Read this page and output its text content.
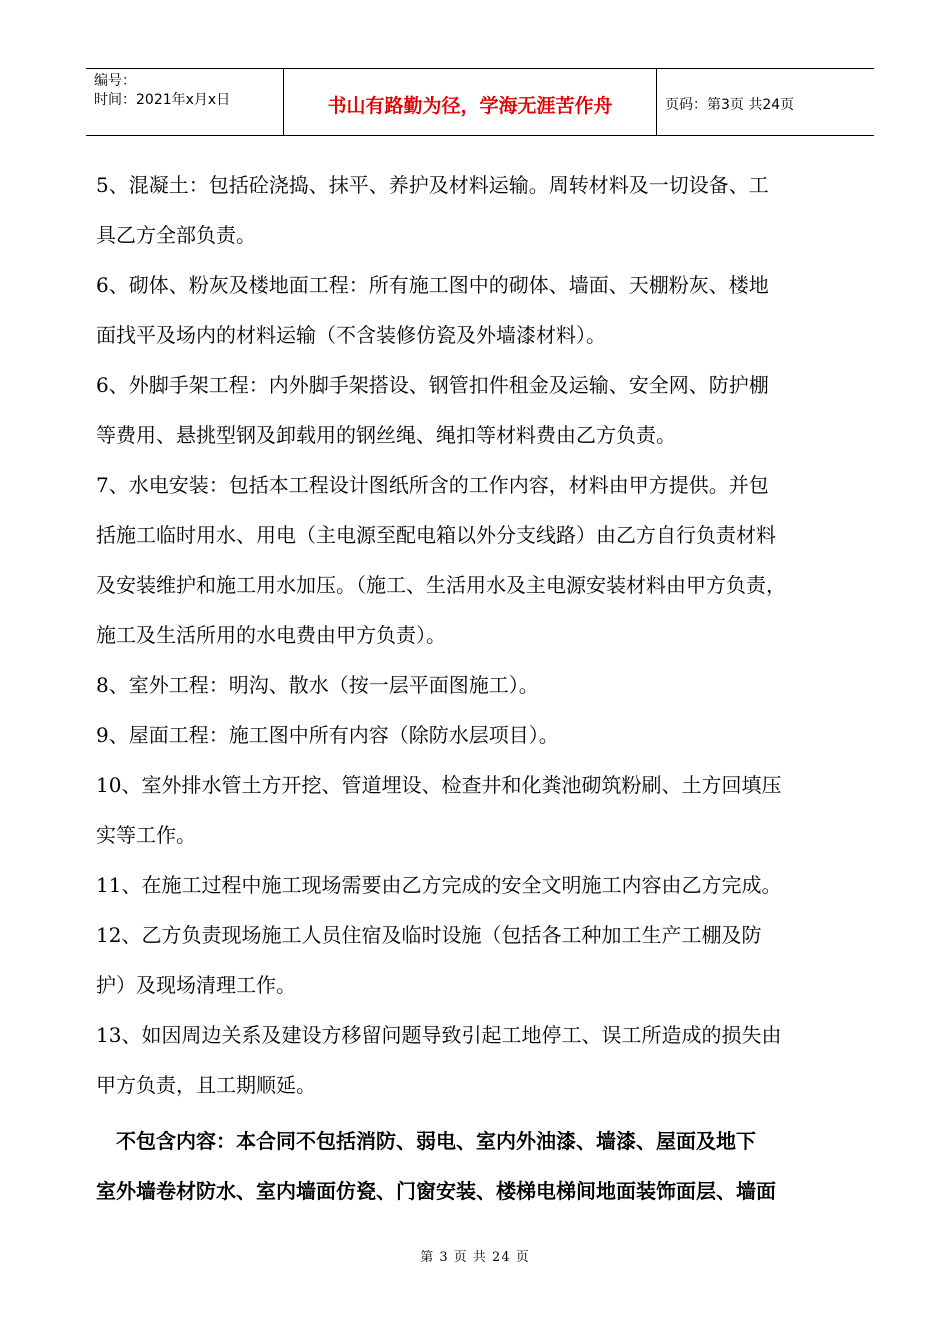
编号：
时间：2021年x月x日	书山有路勤为径，学海无涯苦作舟	页码：第3页 共24页
5、混凝土：包括砼浇捣、抹平、养护及材料运输。周转材料及一切设备、工
具乙方全部负责。
6、砌体、粉灰及楼地面工程：所有施工图中的砌体、墙面、天棚粉灰、楼地
面找平及场内的材料运输（不含装修仿瓷及外墙漆材料）。
6、外脚手架工程：内外脚手架搭设、钢管扣件租金及运输、安全网、防护棚
等费用、悬挑型钢及卸载用的钢丝绳、绳扣等材料费由乙方负责。
7、水电安装：包括本工程设计图纸所含的工作内容，材料由甲方提供。并包
括施工临时用水、用电（主电源至配电箱以外分支线路）由乙方自行负责材料
及安装维护和施工用水加压。（施工、生活用水及主电源安装材料由甲方负责，
施工及生活所用的水电费由甲方负责）。
8、室外工程：明沟、散水（按一层平面图施工）。
9、屋面工程：施工图中所有内容（除防水层项目）。
10、室外排水管土方开挖、管道埋设、检查井和化粪池砌筑粉刷、土方回填压
实等工作。
11、在施工过程中施工现场需要由乙方完成的安全文明施工内容由乙方完成。
12、乙方负责现场施工人员住宿及临时设施（包括各工种加工生产工棚及防
护）及现场清理工作。
13、如因周边关系及建设方移留问题导致引起工地停工、误工所造成的损失由
甲方负责，且工期顺延。
　不包含内容：本合同不包括消防、弱电、室内外油漆、墙漆、屋面及地下
室外墙卷材防水、室内墙面仿瓷、门窗安装、楼梯电梯间地面装饰面层、墙面
第 3 页 共 24 页
